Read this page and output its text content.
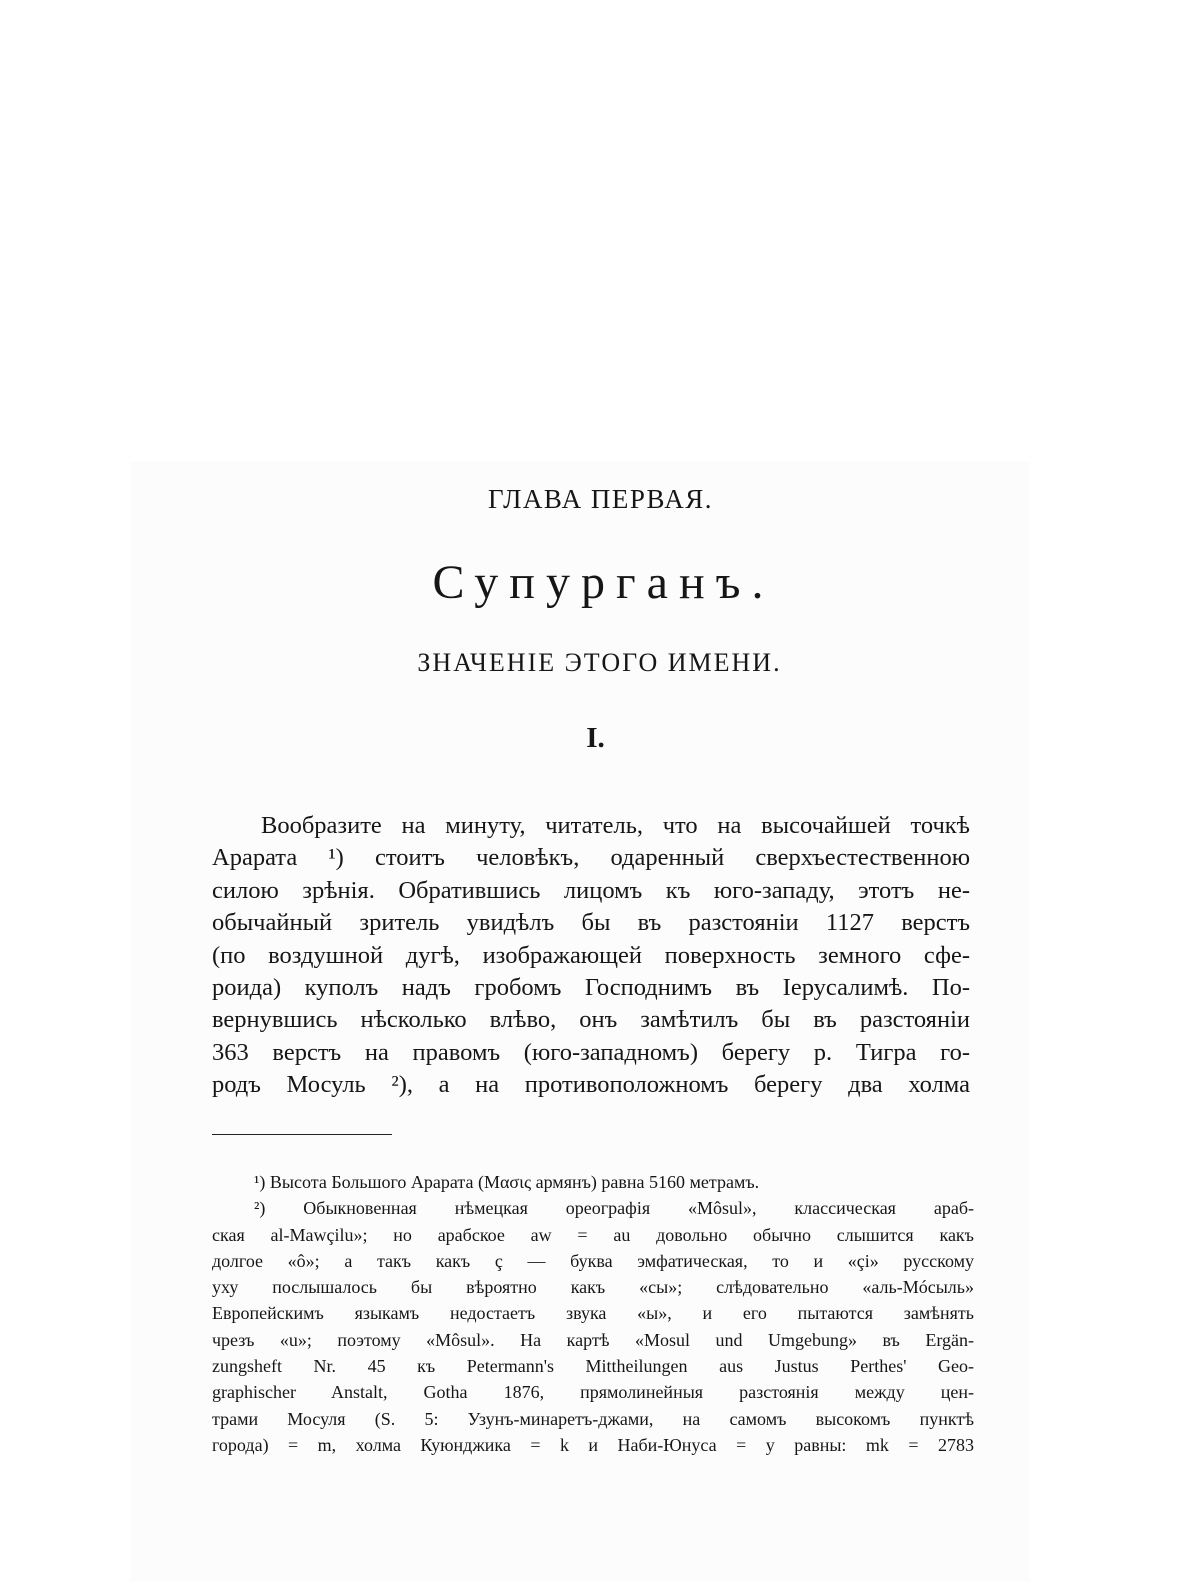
ГЛАВА ПЕРВАЯ.
Супурганъ.
ЗНАЧЕНІЕ ЭТОГО ИМЕНИ.
I.
Вообразите на минуту, читатель, что на высочайшей точкѣ
Арарата ¹) стоитъ человѣкъ, одаренный сверхъестественною
силою зрѣнія. Обратившись лицомъ къ юго-западу, этотъ не-
обычайный зритель увидѣлъ бы въ разстояніи 1127 верстъ
(по воздушной дугѣ, изображающей поверхность земного сфе-
роида) куполъ надъ гробомъ Господнимъ въ Іерусалимѣ. По-
вернувшись нѣсколько влѣво, онъ замѣтилъ бы въ разстояніи
363 верстъ на правомъ (юго-западномъ) берегу р. Тигра го-
родъ Мосуль ²), а на противоположномъ берегу два холма
¹) Высота Большого Арарата (Μασις армянъ) равна 5160 метрамъ.
²) Обыкновенная нѣмецкая ореографія «Môsul», классическая араб-
ская al-Mawçilu»; но арабское aw = au довольно обычно слышится какъ
долгое «ô»; а такъ какъ ç — буква эмфатическая, то и «çi» русскому
уху послышалось бы вѣроятно какъ «сы»; слѣдовательно «аль-Мóсыль»
Европейскимъ языкамъ недостаетъ звука «ы», и его пытаются замѣнять
чрезъ «u»; поэтому «Môsul». На картѣ «Mosul und Umgebung» въ Ergän-
zungsheft Nr. 45 къ Petermann's Mittheilungen aus Justus Perthes' Geo-
graphischer Anstalt, Gotha 1876, прямолинейныя разстоянія между цен-
трами Мосуля (S. 5: Узунъ-минаретъ-джами, на самомъ высокомъ пунктѣ
города) = m, холма Куюнджика = k и Наби-Юнуса = y равны: mk = 2783
